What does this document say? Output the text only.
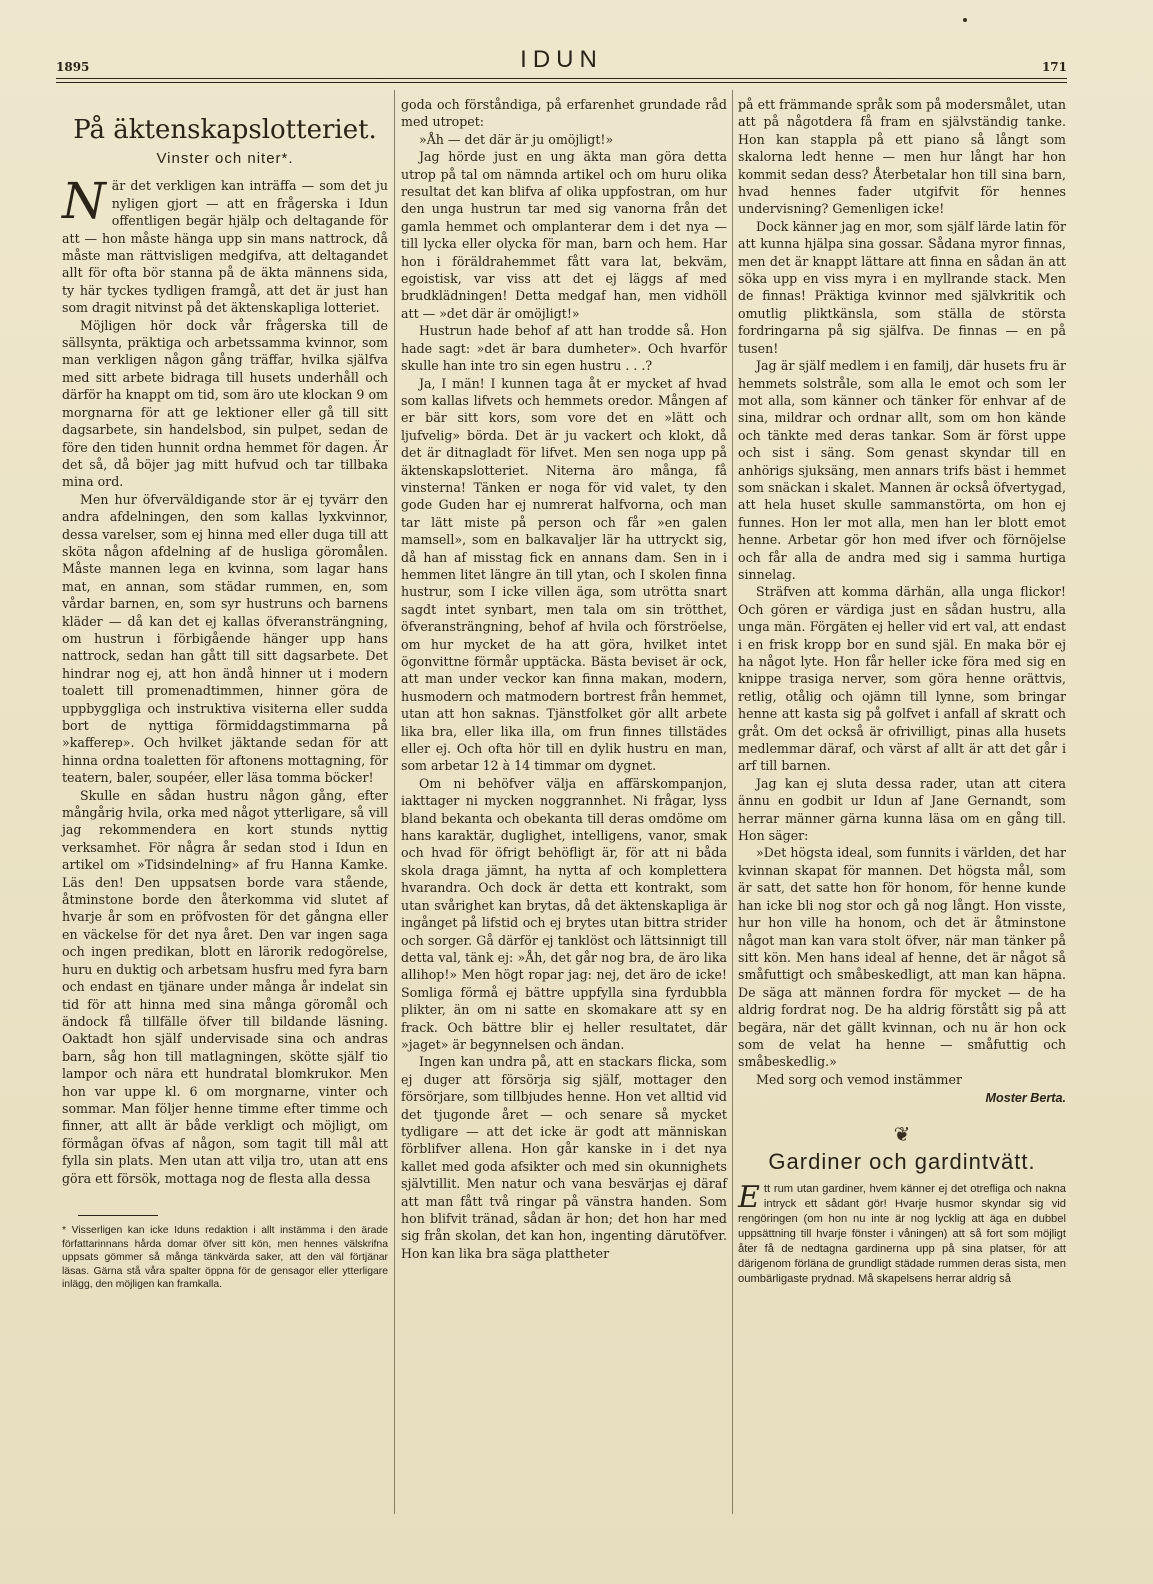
1895	IDUN	171
På äktenskapslotteriet.
Vinster och niter*.

När det verkligen kan inträffa — som det ju nyligen gjort — att en frågerska i Idun offentligen begär hjälp och deltagande för att — hon måste hänga upp sin mans nattrock, då måste man rättvisligen medgifva, att deltagandet allt för ofta bör stanna på de äkta männens sida, ty här tyckes tydligen framgå, att det är just han som dragit nitvinst på det äktenskapliga lotteriet.

Möjligen hör dock vår frågerska till de sällsynta, präktiga och arbetssamma kvinnor, som man verkligen någon gång träffar, hvilka själfva med sitt arbete bidraga till husets underhåll och därför ha knappt om tid, som äro ute klockan 9 om morgnarna för att ge lektioner eller gå till sitt dagsarbete, sin handelsbod, sin pulpet, sedan de före den tiden hunnit ordna hemmet för dagen. Är det så, då böjer jag mitt hufvud och tar tillbaka mina ord.

Men hur öfverväldigande stor är ej tyvärr den andra afdelningen, den som kallas lyxkvinnor, dessa varelser, som ej hinna med eller duga till att sköta någon afdelning af de husliga göromålen. Måste mannen lega en kvinna, som lagar hans mat, en annan, som städar rummen, en, som vårdar barnen, en, som syr hustruns och barnens kläder — då kan det ej kallas öfveransträngning, om hustrun i förbigående hänger upp hans nattrock, sedan han gått till sitt dagsarbete. Det hindrar nog ej, att hon ändå hinner ut i modern toalett till promenadtimmen, hinner göra de uppbyggliga och instruktiva visiterna eller sudda bort de nyttiga förmiddagstimmarna på »kafferep». Och hvilket jäktande sedan för att hinna ordna toaletten för aftonens mottagning, för teatern, baler, soupéer, eller läsa tomma böcker!

Skulle en sådan hustru någon gång, efter mångårig hvila, orka med något ytterligare, så vill jag rekommendera en kort stunds nyttig verksamhet. För några år sedan stod i Idun en artikel om »Tidsindelning» af fru Hanna Kamke. Läs den! Den uppsatsen borde vara stående, åtminstone borde den återkomma vid slutet af hvarje år som en pröfvosten för det gångna eller en väckelse för det nya året. Den var ingen saga och ingen predikan, blott en lärorik redogörelse, huru en duktig och arbetsam husfru med fyra barn och endast en tjänare under många år indelat sin tid för att hinna med sina många göromål och ändock få tillfälle öfver till bildande läsning. Oaktadt hon själf undervisade sina och andras barn, såg hon till matlagningen, skötte själf tio lampor och nära ett hundratal blomkrukor. Men hon var uppe kl. 6 om morgnarne, vinter och sommar. Man följer henne timme efter timme och finner, att allt är både verkligt och möjligt, om förmågan öfvas af någon, som tagit till mål att fylla sin plats. Men utan att vilja tro, utan att ens göra ett försök, mottaga nog de flesta alla dessa

* Visserligen kan icke Iduns redaktion i allt instämma i den ärade författarinnans hårda domar öfver sitt kön, men hennes välskrifna uppsats gömmer så många tänkvärda saker, att den väl förtjänar läsas. Gärna stå våra spalter öppna för de gensagor eller ytterligare inlägg, den möjligen kan framkalla.

goda och förståndiga, på erfarenhet grundade råd med utropet:

»Åh — det där är ju omöjligt!»

Jag hörde just en ung äkta man göra detta utrop på tal om nämnda artikel och om huru olika resultat det kan blifva af olika uppfostran, om hur den unga hustrun tar med sig vanorna från det gamla hemmet och omplanterar dem i det nya — till lycka eller olycka för man, barn och hem. Har hon i föräldrahemmet fått vara lat, bekväm, egoistisk, var viss att det ej läggs af med brudklädningen! Detta medgaf han, men vidhöll att — »det där är omöjligt!»

Hustrun hade behof af att han trodde så. Hon hade sagt: »det är bara dumheter». Och hvarför skulle han inte tro sin egen hustru . . .?

Ja, I män! I kunnen taga åt er mycket af hvad som kallas lifvets och hemmets oredor. Mången af er bär sitt kors, som vore det en »lätt och ljufvelig» börda. Det är ju vackert och klokt, då det är ditnagladt för lifvet. Men sen noga upp på äktenskapslotteriet. Niterna äro många, få vinsterna! Tänken er noga för vid valet, ty den gode Guden har ej numrerat halfvorna, och man tar lätt miste på person och får »en galen mamsell», som en balkavaljer lär ha uttryckt sig, då han af misstag fick en annans dam. Sen in i hemmen litet längre än till ytan, och I skolen finna hustrur, som I icke villen äga, som utrötta snart sagdt intet synbart, men tala om sin trötthet, öfveransträngning, behof af hvila och förströelse, om hur mycket de ha att göra, hvilket intet ögonvittne förmår upptäcka. Bästa beviset är ock, att man under veckor kan finna makan, modern, husmodern och matmodern bortrest från hemmet, utan att hon saknas. Tjänstfolket gör allt arbete lika bra, eller lika illa, om frun finnes tillstädes eller ej. Och ofta hör till en dylik hustru en man, som arbetar 12 à 14 timmar om dygnet.

Om ni behöfver välja en affärskompanjon, iakttager ni mycken noggrannhet. Ni frågar, lyss bland bekanta och obekanta till deras omdöme om hans karaktär, duglighet, intelligens, vanor, smak och hvad för öfrigt behöfligt är, för att ni båda skola draga jämnt, ha nytta af och komplettera hvarandra. Och dock är detta ett kontrakt, som utan svårighet kan brytas, då det äktenskapliga är ingånget på lifstid och ej brytes utan bittra strider och sorger. Gå därför ej tanklöst och lättsinnigt till detta val, tänk ej: »Åh, det går nog bra, de äro lika allihop!» Men högt ropar jag: nej, det äro de icke! Somliga förmå ej bättre uppfylla sina fyrdubbla plikter, än om ni satte en skomakare att sy en frack. Och bättre blir ej heller resultatet, där »jaget» är begynnelsen och ändan.

Ingen kan undra på, att en stackars flicka, som ej duger att försörja sig själf, mottager den försörjare, som tillbjudes henne. Hon vet alltid vid det tjugonde året — och senare så mycket tydligare — att det icke är godt att människan förblifver allena. Hon går kanske in i det nya kallet med goda afsikter och med sin okunnighets självtillit. Men natur och vana besvärjas ej däraf att man fått två ringar på vänstra handen. Som hon blifvit tränad, sådan är hon; det hon har med sig från skolan, det kan hon, ingenting därutöfver. Hon kan lika bra säga plattheter

på ett främmande språk som på modersmålet, utan att på någotdera få fram en självständig tanke. Hon kan stappla på ett piano så långt som skalorna ledt henne — men hur långt har hon kommit sedan dess? Återbetalar hon till sina barn, hvad hennes fader utgifvit för hennes undervisning? Gemenligen icke!

Dock känner jag en mor, som själf lärde latin för att kunna hjälpa sina gossar. Sådana myror finnas, men det är knappt lättare att finna en sådan än att söka upp en viss myra i en myllrande stack. Men de finnas! Präktiga kvinnor med självkritik och omutlig pliktkänsla, som ställa de största fordringarna på sig själfva. De finnas — en på tusen!

Jag är själf medlem i en familj, där husets fru är hemmets solstråle, som alla le emot och som ler mot alla, som känner och tänker för enhvar af de sina, mildrar och ordnar allt, som om hon kände och tänkte med deras tankar. Som är först uppe och sist i säng. Som genast skyndar till en anhörigs sjuksäng, men annars trifs bäst i hemmet som snäckan i skalet. Mannen är också öfvertygad, att hela huset skulle sammanstörta, om hon ej funnes. Hon ler mot alla, men han ler blott emot henne. Arbetar gör hon med ifver och förnöjelse och får alla de andra med sig i samma hurtiga sinnelag.

Sträfven att komma därhän, alla unga flickor! Och gören er värdiga just en sådan hustru, alla unga män. Förgäten ej heller vid ert val, att endast i en frisk kropp bor en sund själ. En maka bör ej ha något lyte. Hon får heller icke föra med sig en knippe trasiga nerver, som göra henne orättvis, retlig, otålig och ojämn till lynne, som bringar henne att kasta sig på golfvet i anfall af skratt och gråt. Om det också är ofrivilligt, pinas alla husets medlemmar däraf, och värst af allt är att det går i arf till barnen.

Jag kan ej sluta dessa rader, utan att citera ännu en godbit ur Idun af Jane Gernandt, som herrar männer gärna kunna läsa om en gång till. Hon säger:

»Det högsta ideal, som funnits i världen, det har kvinnan skapat för mannen. Det högsta mål, som är satt, det satte hon för honom, för henne kunde han icke bli nog stor och gå nog långt. Hon visste, hur hon ville ha honom, och det är åtminstone något man kan vara stolt öfver, när man tänker på sitt kön. Men hans ideal af henne, det är något så småfuttigt och småbeskedligt, att man kan häpna. De säga att männen fordra för mycket — de ha aldrig fordrat nog. De ha aldrig förstått sig på att begära, när det gällt kvinnan, och nu är hon ock som de velat ha henne — småfuttig och småbeskedlig.»

Med sorg och vemod instämmer

Moster Berta.
❦
Gardiner och gardintvätt.
Ett rum utan gardiner, hvem känner ej det otrefliga och nakna intryck ett sådant gör! Hvarje husmor skyndar sig vid rengöringen (om hon nu inte är nog lycklig att äga en dubbel uppsättning till hvarje fönster i våningen) att så fort som möjligt åter få de nedtagna gardinerna upp på sina platser, för att därigenom förläna de grundligt städade rummen deras sista, men oumbärligaste prydnad. Må skapelsens herrar aldrig så
